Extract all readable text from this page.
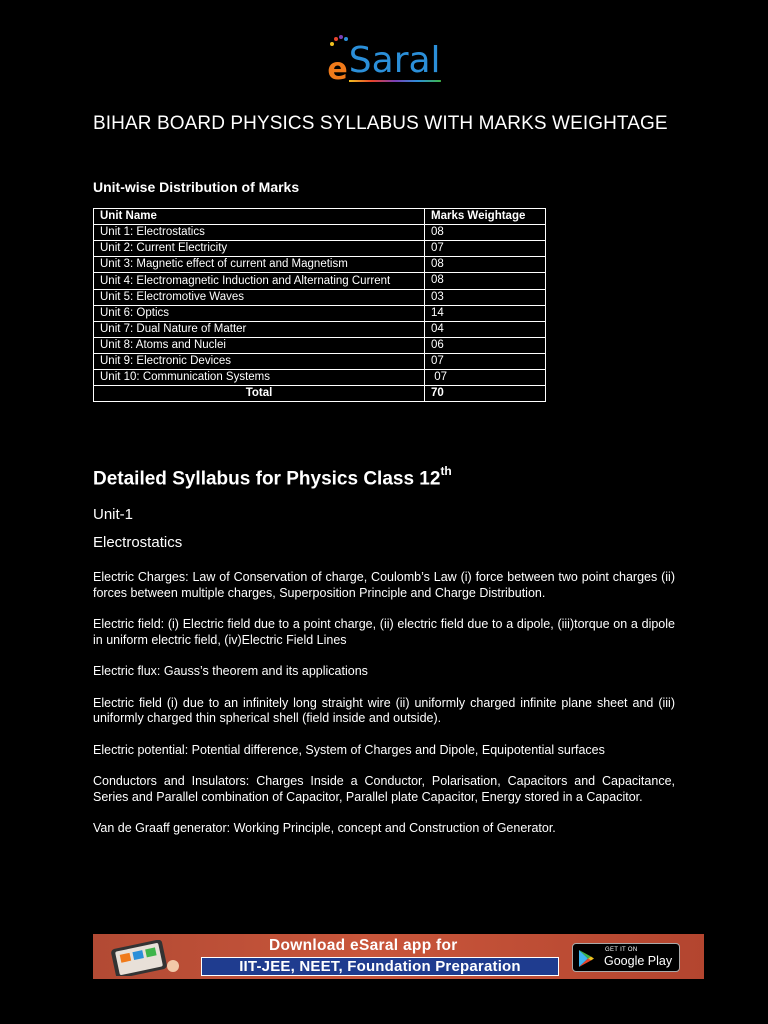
e Saral
BIHAR BOARD PHYSICS SYLLABUS WITH MARKS WEIGHTAGE
Unit-wise Distribution of Marks
Unit Name	Marks Weightage
Unit 1: Electrostatics	08
Unit 2: Current Electricity	07
Unit 3: Magnetic effect of current and Magnetism	08
Unit 4: Electromagnetic Induction and Alternating Current	08
Unit 5: Electromotive Waves	03
Unit 6: Optics	14
Unit 7: Dual Nature of Matter	04
Unit 8: Atoms and Nuclei	06
Unit 9: Electronic Devices	07
Unit 10: Communication Systems	07
Total	70
Detailed Syllabus for Physics Class 12th
Unit-1
Electrostatics

Electric Charges: Law of Conservation of charge, Coulomb’s Law (i) force between two point charges (ii) forces between multiple charges, Superposition Principle and Charge Distribution.

Electric field: (i) Electric field due to a point charge, (ii) electric field due to a dipole, (iii)torque on a dipole in uniform electric field, (iv)Electric Field Lines

Electric flux: Gauss’s theorem and its applications

Electric field (i) due to an infinitely long straight wire (ii) uniformly charged infinite plane sheet and (iii) uniformly charged thin spherical shell (field inside and outside).

Electric potential: Potential difference, System of Charges and Dipole, Equipotential surfaces

Conductors and Insulators: Charges Inside a Conductor, Polarisation, Capacitors and Capacitance, Series and Parallel combination of Capacitor, Parallel plate Capacitor, Energy stored in a Capacitor.

Van de Graaff generator: Working Principle, concept and Construction of Generator.

Download eSaral app for
IIT-JEE, NEET, Foundation Preparation
GET IT ON
Google Play
